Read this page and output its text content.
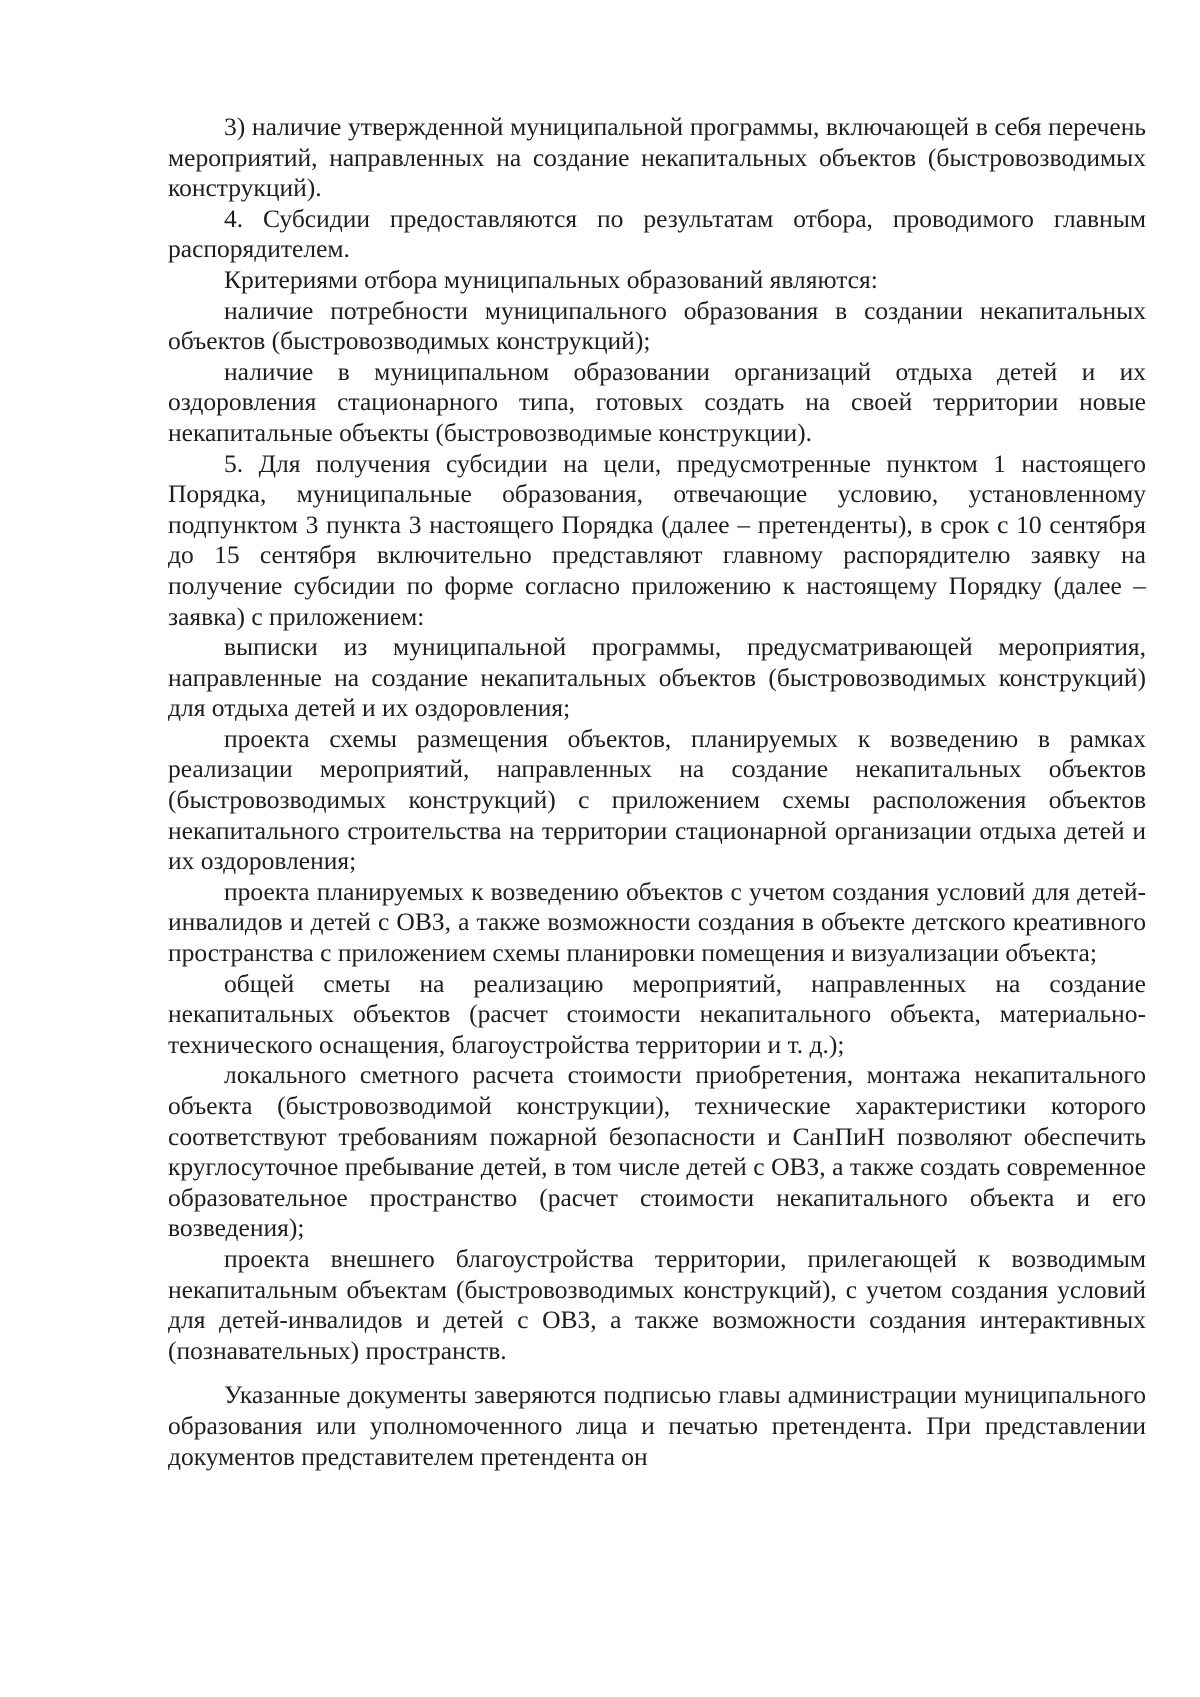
3) наличие утвержденной муниципальной программы, включающей в себя перечень мероприятий, направленных на создание некапитальных объектов (быстровозводимых конструкций).

4. Субсидии предоставляются по результатам отбора, проводимого главным распорядителем.

Критериями отбора муниципальных образований являются:

наличие потребности муниципального образования в создании некапитальных объектов (быстровозводимых конструкций);

наличие в муниципальном образовании организаций отдыха детей и их оздоровления стационарного типа, готовых создать на своей территории новые некапитальные объекты (быстровозводимые конструкции).

5. Для получения субсидии на цели, предусмотренные пунктом 1 настоящего Порядка, муниципальные образования, отвечающие условию, установленному подпунктом 3 пункта 3 настоящего Порядка (далее – претенденты), в срок с 10 сентября до 15 сентября включительно представляют главному распорядителю заявку на получение субсидии по форме согласно приложению к настоящему Порядку (далее – заявка) с приложением:

выписки из муниципальной программы, предусматривающей мероприятия, направленные на создание некапитальных объектов (быстровозводимых конструкций) для отдыха детей и их оздоровления;

проекта схемы размещения объектов, планируемых к возведению в рамках реализации мероприятий, направленных на создание некапитальных объектов (быстровозводимых конструкций) с приложением схемы расположения объектов некапитального строительства на территории стационарной организации отдыха детей и их оздоровления;

проекта планируемых к возведению объектов с учетом создания условий для детей-инвалидов и детей с ОВЗ, а также возможности создания в объекте детского креативного пространства с приложением схемы планировки помещения и визуализации объекта;

общей сметы на реализацию мероприятий, направленных на создание некапитальных объектов (расчет стоимости некапитального объекта, материально-технического оснащения, благоустройства территории и т. д.);

локального сметного расчета стоимости приобретения, монтажа некапитального объекта (быстровозводимой конструкции), технические характеристики которого соответствуют требованиям пожарной безопасности и СанПиН позволяют обеспечить круглосуточное пребывание детей, в том числе детей с ОВЗ, а также создать современное образовательное пространство (расчет стоимости некапитального объекта и его возведения);

проекта внешнего благоустройства территории, прилегающей к возводимым некапитальным объектам (быстровозводимых конструкций), с учетом создания условий для детей-инвалидов и детей с ОВЗ, а также возможности создания интерактивных (познавательных) пространств.

Указанные документы заверяются подписью главы администрации муниципального образования или уполномоченного лица и печатью претендента. При представлении документов представителем претендента он
